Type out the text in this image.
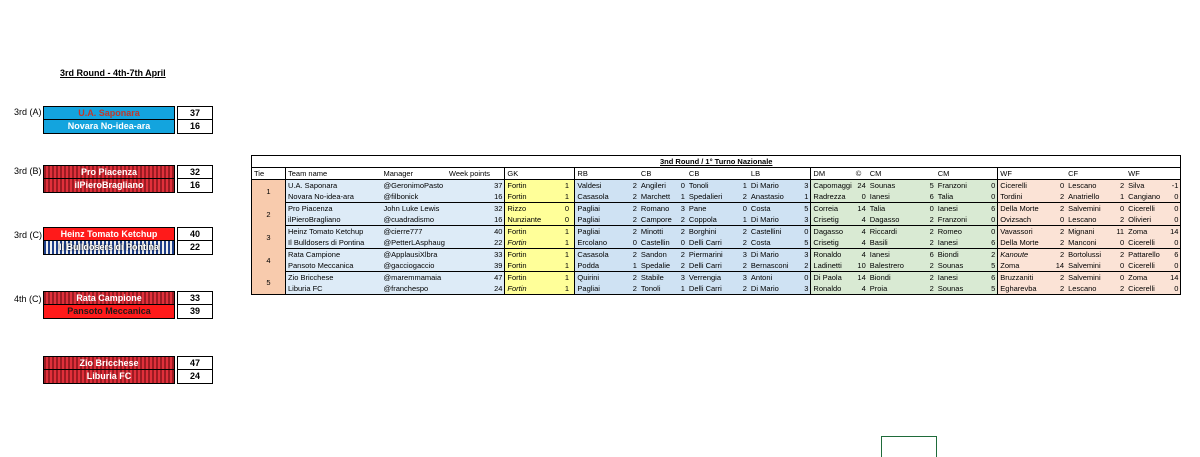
3rd Round - 4th-7th April
3rd (A)	U.A. Saponara	37
Novara No-idea-ara	16
3rd (B)	Pro Piacenza	32
ilPieroBragliano	16
3rd (C)	Heinz Tomato Ketchup	40
Il Bulldosers di Pontina	22
4th (C)	Rata Campione	33
Pansoto Meccanica	39
Zio Bricchese	47
Liburia FC	24
3nd Round / 1° Turno Nazionale																									
Tie	Team name	Manager	Week points	GK		RB		CB		CB		LB		DM	©	CM		CM		WF		CF		WF	
1	U.A. Saponara	@GeronimoPasto	37	Fortin	1	Valdesi	2	Angileri	0	Tonoli	1	Di Mario	3	Capomaggi	24	Sounas	5	Franzoni	0	Cicerelli	0	Lescano	2	Silva	-1
	Novara No-idea-ara	@filbonick	16	Fortin	1	Casasola	2	Marchett	1	Spedalieri	2	Anastasio	1	Radrezza	0	Ianesi	6	Talia	0	Tordini	2	Anatriello	1	Cangiano	0
2	Pro Piacenza	John Luke Lewis	32	Rizzo	0	Pagliai	2	Romano	3	Pane	0	Costa	5	Correia	14	Talia	0	Ianesi	6	Della Morte	2	Salvemini	0	Cicerelli	0
	ilPieroBragliano	@cuadradismo	16	Nunziante	0	Pagliai	2	Campore	2	Coppola	1	Di Mario	3	Crisetig	4	Dagasso	2	Franzoni	0	Ovizsach	0	Lescano	2	Olivieri	0
3	Heinz Tomato Ketchup	@cierre777	40	Fortin	1	Pagliai	2	Minotti	2	Borghini	2	Castellini	0	Dagasso	4	Riccardi	2	Romeo	0	Vavassori	2	Mignani	11	Zoma	14
	Il Bulldosers di Pontina	@PetterLAsphaug	22	Fortin	1	Ercolano	0	Castellin	0	Delli Carri	2	Costa	5	Crisetig	4	Basili	2	Ianesi	6	Della Morte	2	Manconi	0	Cicerelli	0
4	Rata Campione	@ApplausiXlbra	33	Fortin	1	Casasola	2	Sandon	2	Piermarini	3	Di Mario	3	Ronaldo	4	Ianesi	6	Biondi	2	Kanoute	2	Bortolussi	2	Pattarello	6
	Pansoto Meccanica	@gacciogaccio	39	Fortin	1	Podda	1	Spedalie	2	Delli Carri	2	Bernasconi	2	Ladinetti	10	Balestrero	2	Sounas	5	Zoma	14	Salvemini	0	Cicerelli	0
5	Zio Bricchese	@maremmamaia	47	Fortin	1	Quirini	2	Stabile	3	Verrengia	3	Antoni	0	Di Paola	14	Biondi	2	Ianesi	6	Bruzzaniti	2	Salvemini	0	Zoma	14
	Liburia FC	@franchespo	24	Fortin	1	Pagliai	2	Tonoli	1	Delli Carri	2	Di Mario	3	Ronaldo	4	Proia	2	Sounas	5	Egharevba	2	Lescano	2	Cicerelli	0
